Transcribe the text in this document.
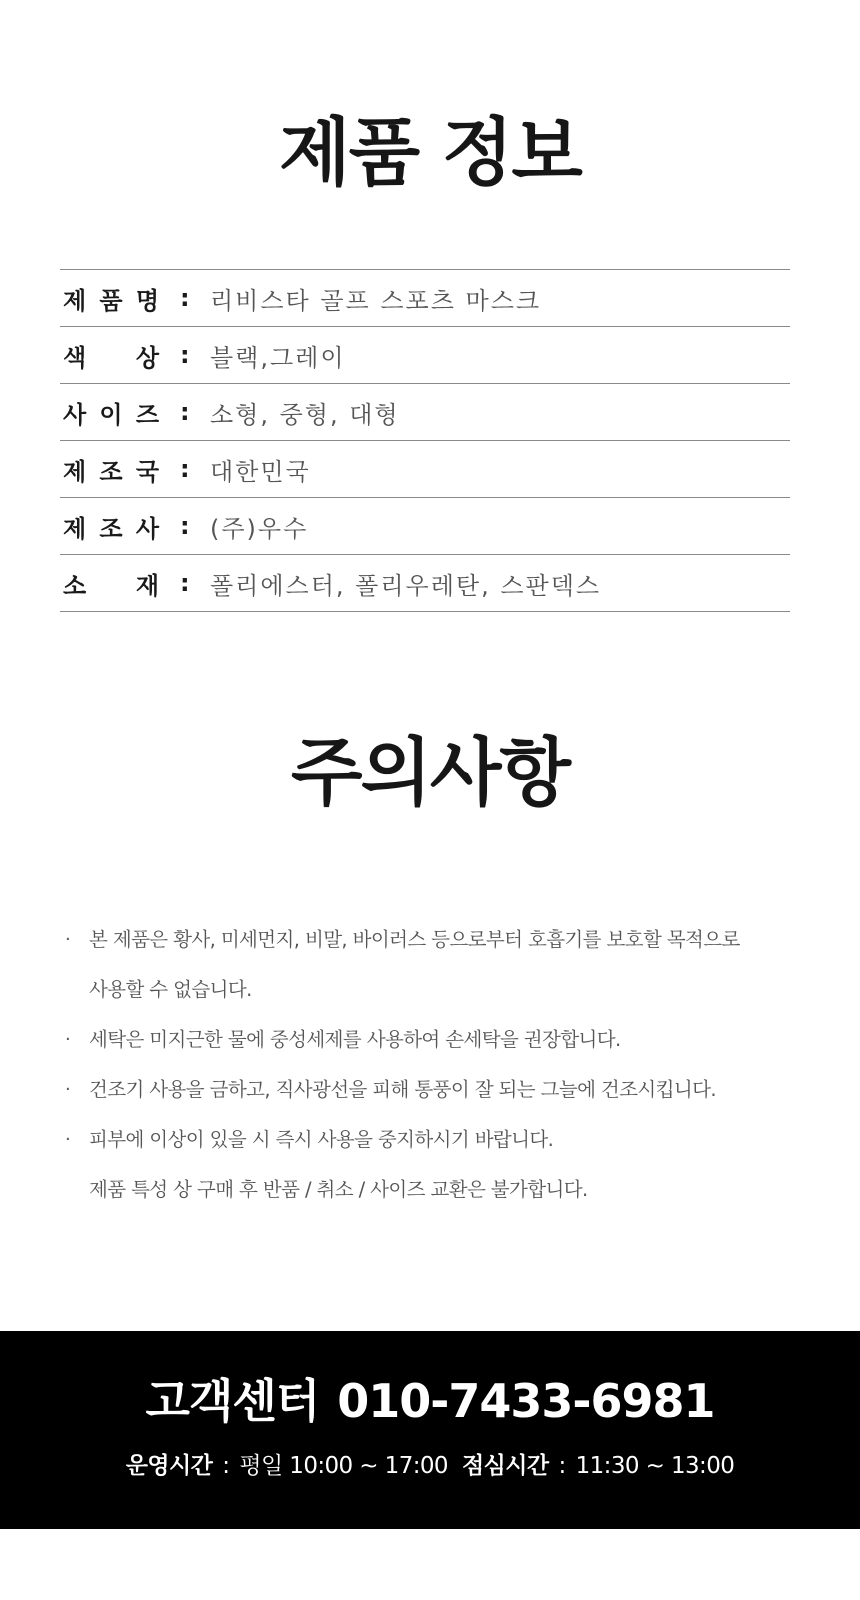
제품 정보
제 품 명 : 리비스타 골프 스포츠 마스크
색 상 : 블랙,그레이
사 이 즈 : 소형, 중형, 대형
제 조 국 : 대한민국
제 조 사 : (주)우수
소 재 : 폴리에스터, 폴리우레탄, 스판덱스
주의사항
· 본 제품은 황사, 미세먼지, 비말, 바이러스 등으로부터 호흡기를 보호할 목적으로
사용할 수 없습니다.
· 세탁은 미지근한 물에 중성세제를 사용하여 손세탁을 권장합니다.
· 건조기 사용을 금하고, 직사광선을 피해 통풍이 잘 되는 그늘에 건조시킵니다.
· 피부에 이상이 있을 시 즉시 사용을 중지하시기 바랍니다.
제품 특성 상 구매 후 반품 / 취소 / 사이즈 교환은 불가합니다.
고객센터 010-7433-6981
운영시간 : 평일 10:00 ~ 17:00 점심시간 : 11:30 ~ 13:00
